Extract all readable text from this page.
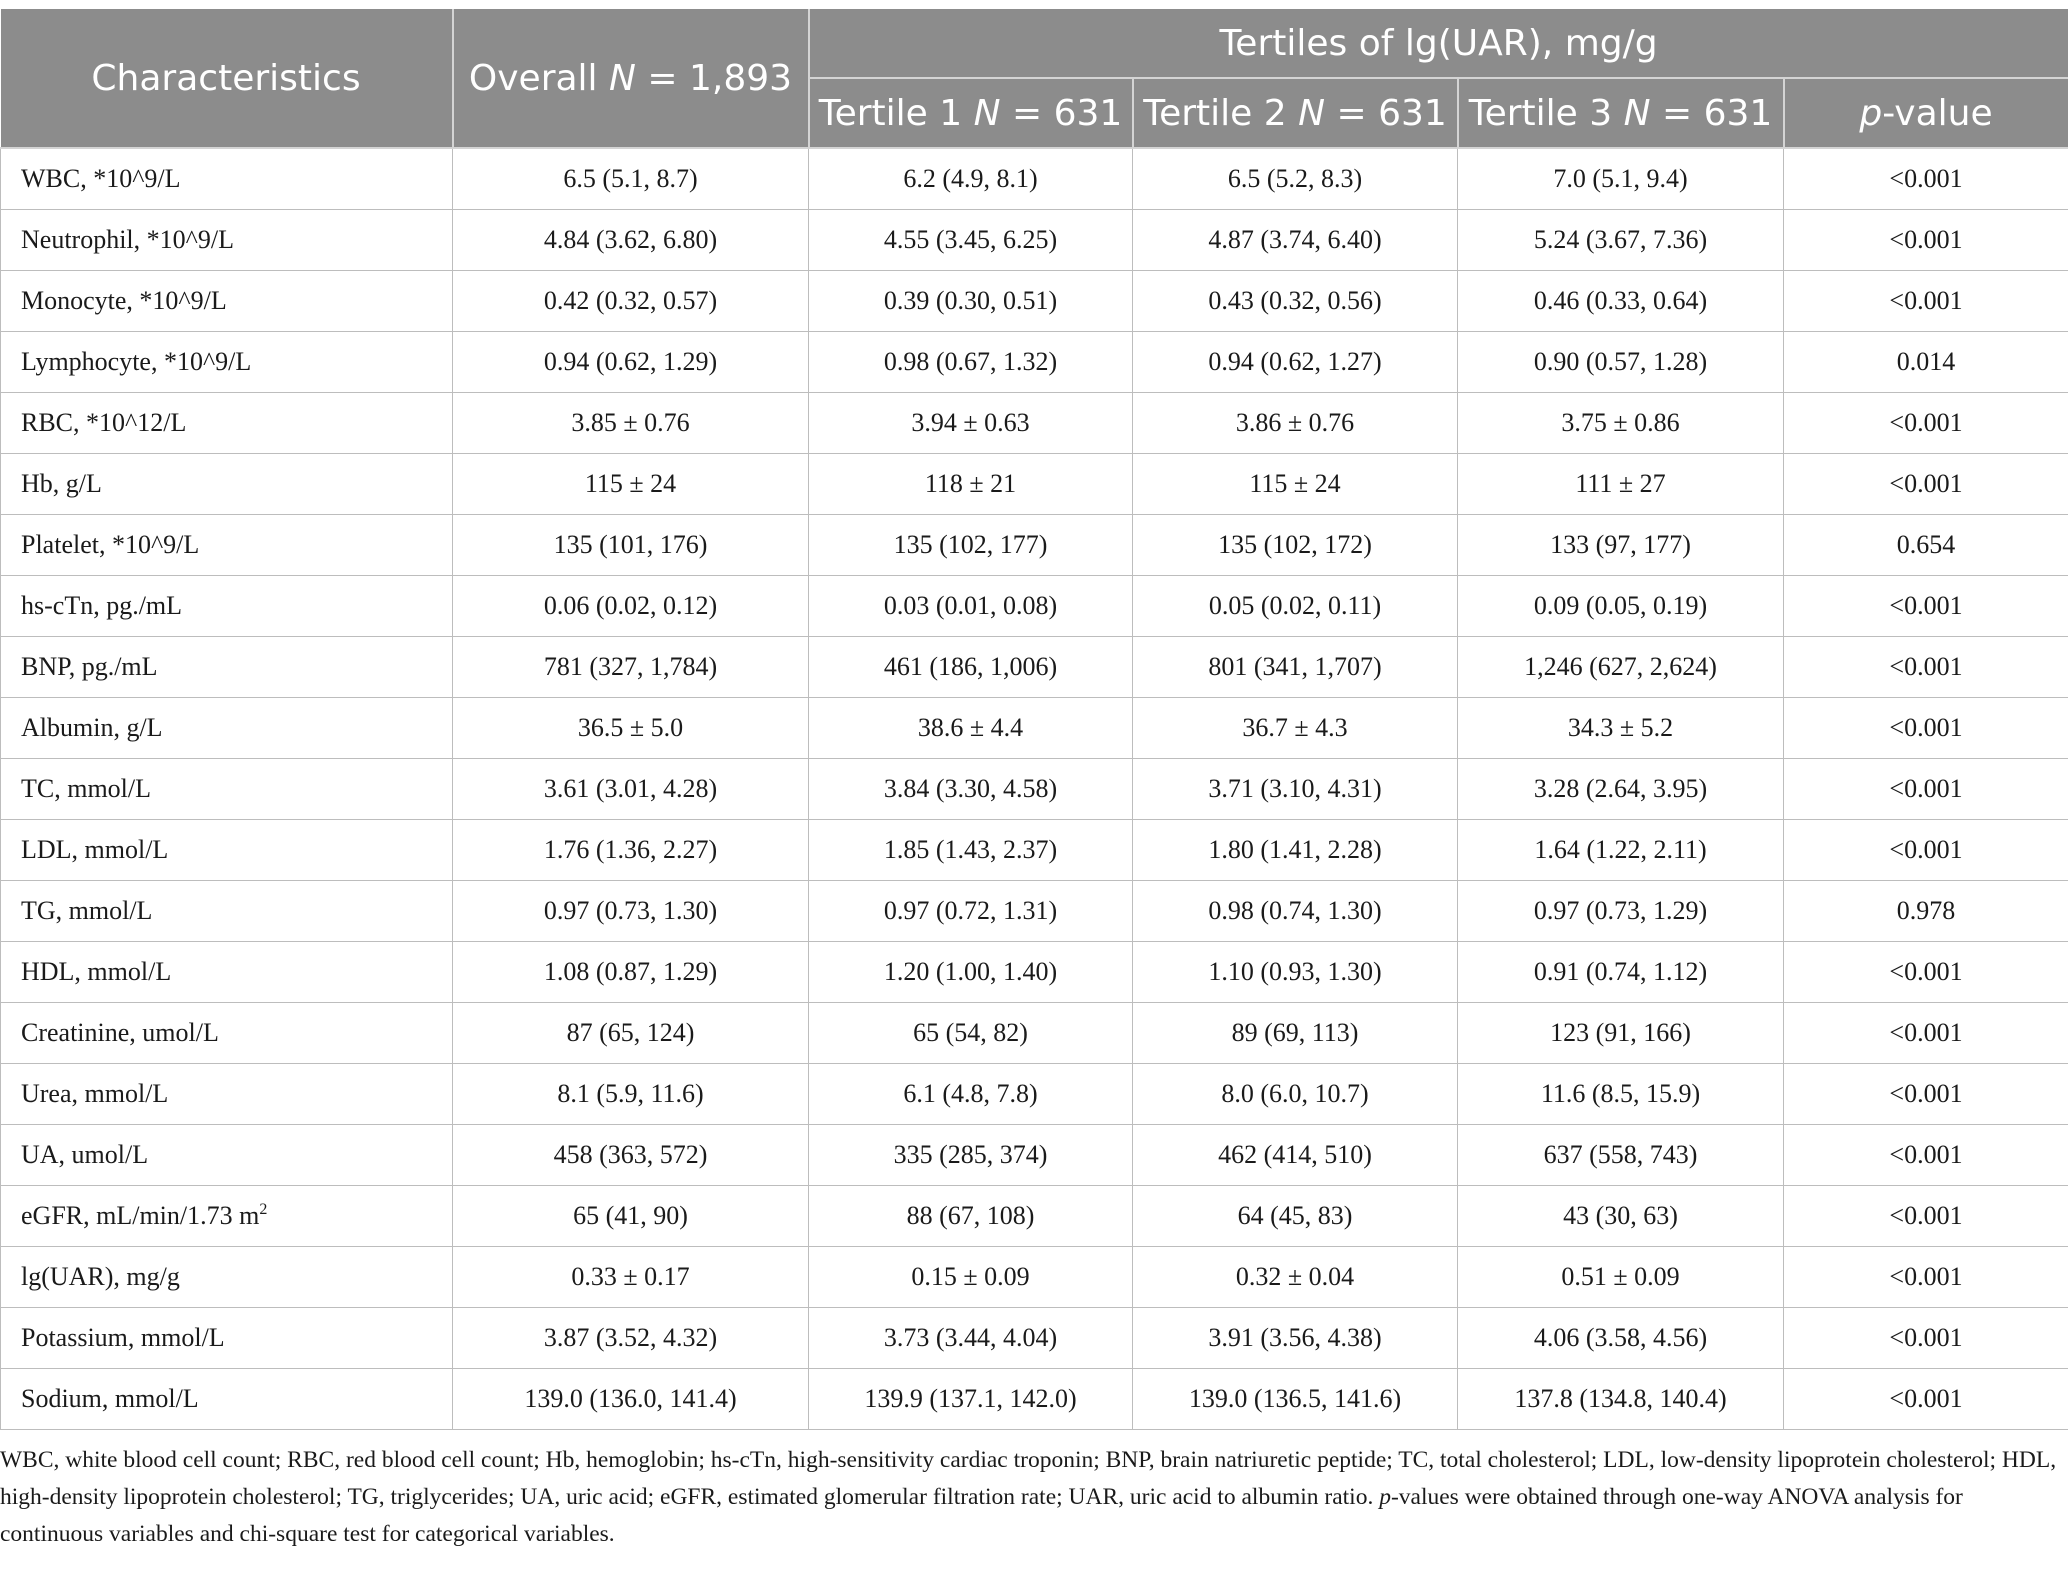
Characteristics	Overall N = 1,893	Tertiles of lg(UAR), mg/g			
		Tertile 1 N = 631	Tertile 2 N = 631	Tertile 3 N = 631	p-value
WBC, *10^9/L	6.5 (5.1, 8.7)	6.2 (4.9, 8.1)	6.5 (5.2, 8.3)	7.0 (5.1, 9.4)	<0.001
Neutrophil, *10^9/L	4.84 (3.62, 6.80)	4.55 (3.45, 6.25)	4.87 (3.74, 6.40)	5.24 (3.67, 7.36)	<0.001
Monocyte, *10^9/L	0.42 (0.32, 0.57)	0.39 (0.30, 0.51)	0.43 (0.32, 0.56)	0.46 (0.33, 0.64)	<0.001
Lymphocyte, *10^9/L	0.94 (0.62, 1.29)	0.98 (0.67, 1.32)	0.94 (0.62, 1.27)	0.90 (0.57, 1.28)	0.014
RBC, *10^12/L	3.85 ± 0.76	3.94 ± 0.63	3.86 ± 0.76	3.75 ± 0.86	<0.001
Hb, g/L	115 ± 24	118 ± 21	115 ± 24	111 ± 27	<0.001
Platelet, *10^9/L	135 (101, 176)	135 (102, 177)	135 (102, 172)	133 (97, 177)	0.654
hs-cTn, pg./mL	0.06 (0.02, 0.12)	0.03 (0.01, 0.08)	0.05 (0.02, 0.11)	0.09 (0.05, 0.19)	<0.001
BNP, pg./mL	781 (327, 1,784)	461 (186, 1,006)	801 (341, 1,707)	1,246 (627, 2,624)	<0.001
Albumin, g/L	36.5 ± 5.0	38.6 ± 4.4	36.7 ± 4.3	34.3 ± 5.2	<0.001
TC, mmol/L	3.61 (3.01, 4.28)	3.84 (3.30, 4.58)	3.71 (3.10, 4.31)	3.28 (2.64, 3.95)	<0.001
LDL, mmol/L	1.76 (1.36, 2.27)	1.85 (1.43, 2.37)	1.80 (1.41, 2.28)	1.64 (1.22, 2.11)	<0.001
TG, mmol/L	0.97 (0.73, 1.30)	0.97 (0.72, 1.31)	0.98 (0.74, 1.30)	0.97 (0.73, 1.29)	0.978
HDL, mmol/L	1.08 (0.87, 1.29)	1.20 (1.00, 1.40)	1.10 (0.93, 1.30)	0.91 (0.74, 1.12)	<0.001
Creatinine, umol/L	87 (65, 124)	65 (54, 82)	89 (69, 113)	123 (91, 166)	<0.001
Urea, mmol/L	8.1 (5.9, 11.6)	6.1 (4.8, 7.8)	8.0 (6.0, 10.7)	11.6 (8.5, 15.9)	<0.001
UA, umol/L	458 (363, 572)	335 (285, 374)	462 (414, 510)	637 (558, 743)	<0.001
eGFR, mL/min/1.73 $m^2$	65 (41, 90)	88 (67, 108)	64 (45, 83)	43 (30, 63)	<0.001
lg(UAR), mg/g	0.33 ± 0.17	0.15 ± 0.09	0.32 ± 0.04	0.51 ± 0.09	<0.001
Potassium, mmol/L	3.87 (3.52, 4.32)	3.73 (3.44, 4.04)	3.91 (3.56, 4.38)	4.06 (3.58, 4.56)	<0.001
Sodium, mmol/L	139.0 (136.0, 141.4)	139.9 (137.1, 142.0)	139.0 (136.5, 141.6)	137.8 (134.8, 140.4)	<0.001

WBC, white blood cell count; RBC, red blood cell count; Hb, hemoglobin; hs-cTn, high-sensitivity cardiac troponin; BNP, brain natriuretic peptide; TC, total cholesterol; LDL, low-density lipoprotein cholesterol; HDL, high-density lipoprotein cholesterol; TG, triglycerides; UA, uric acid; eGFR, estimated glomerular filtration rate; UAR, uric acid to albumin ratio. p-values were obtained through one-way ANOVA analysis for continuous variables and chi-square test for categorical variables.
